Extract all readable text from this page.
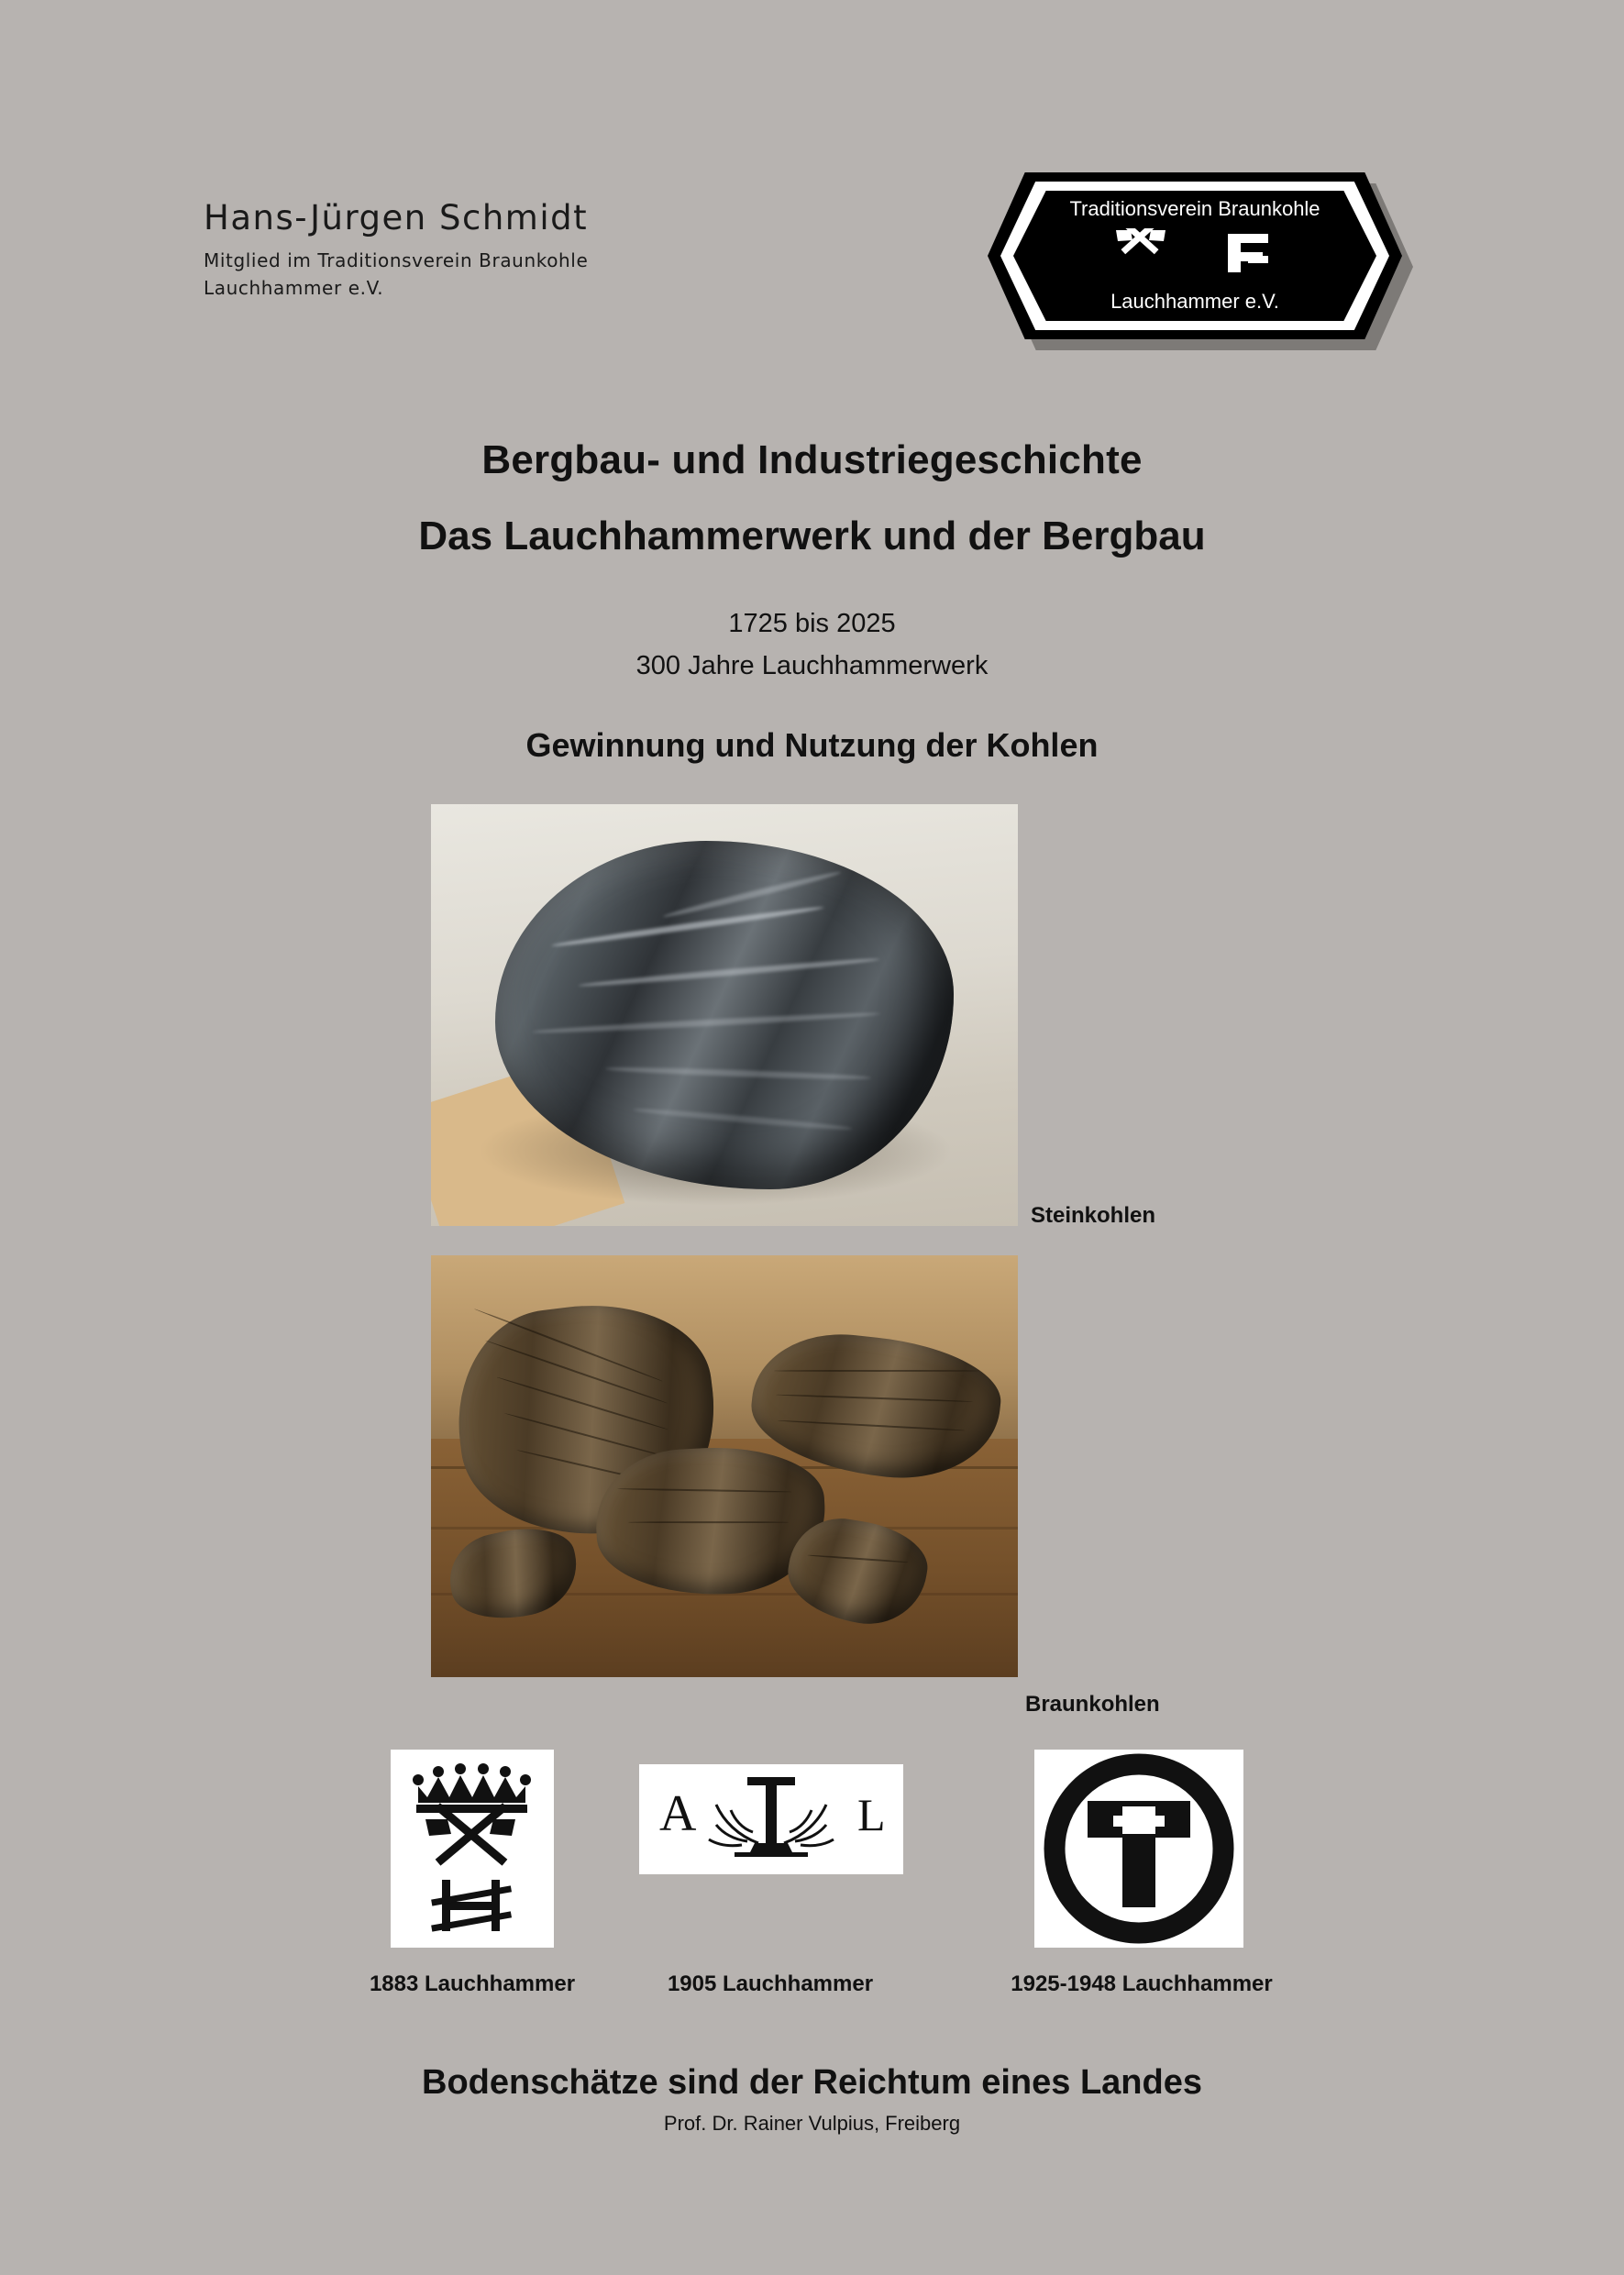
Hans-Jürgen Schmidt
Mitglied im Traditionsverein Braunkohle
Lauchhammer e.V.
Traditionsverein Braunkohle
Lauchhammer e.V.
Bergbau- und Industriegeschichte
Das Lauchhammerwerk und der Bergbau
1725 bis 2025
300 Jahre Lauchhammerwerk
Gewinnung und Nutzung der Kohlen
Steinkohlen
Braunkohlen
A	L
1883 Lauchhammer	1905 Lauchhammer	1925-1948 Lauchhammer
Bodenschätze sind der Reichtum eines Landes
Prof. Dr. Rainer Vulpius, Freiberg
